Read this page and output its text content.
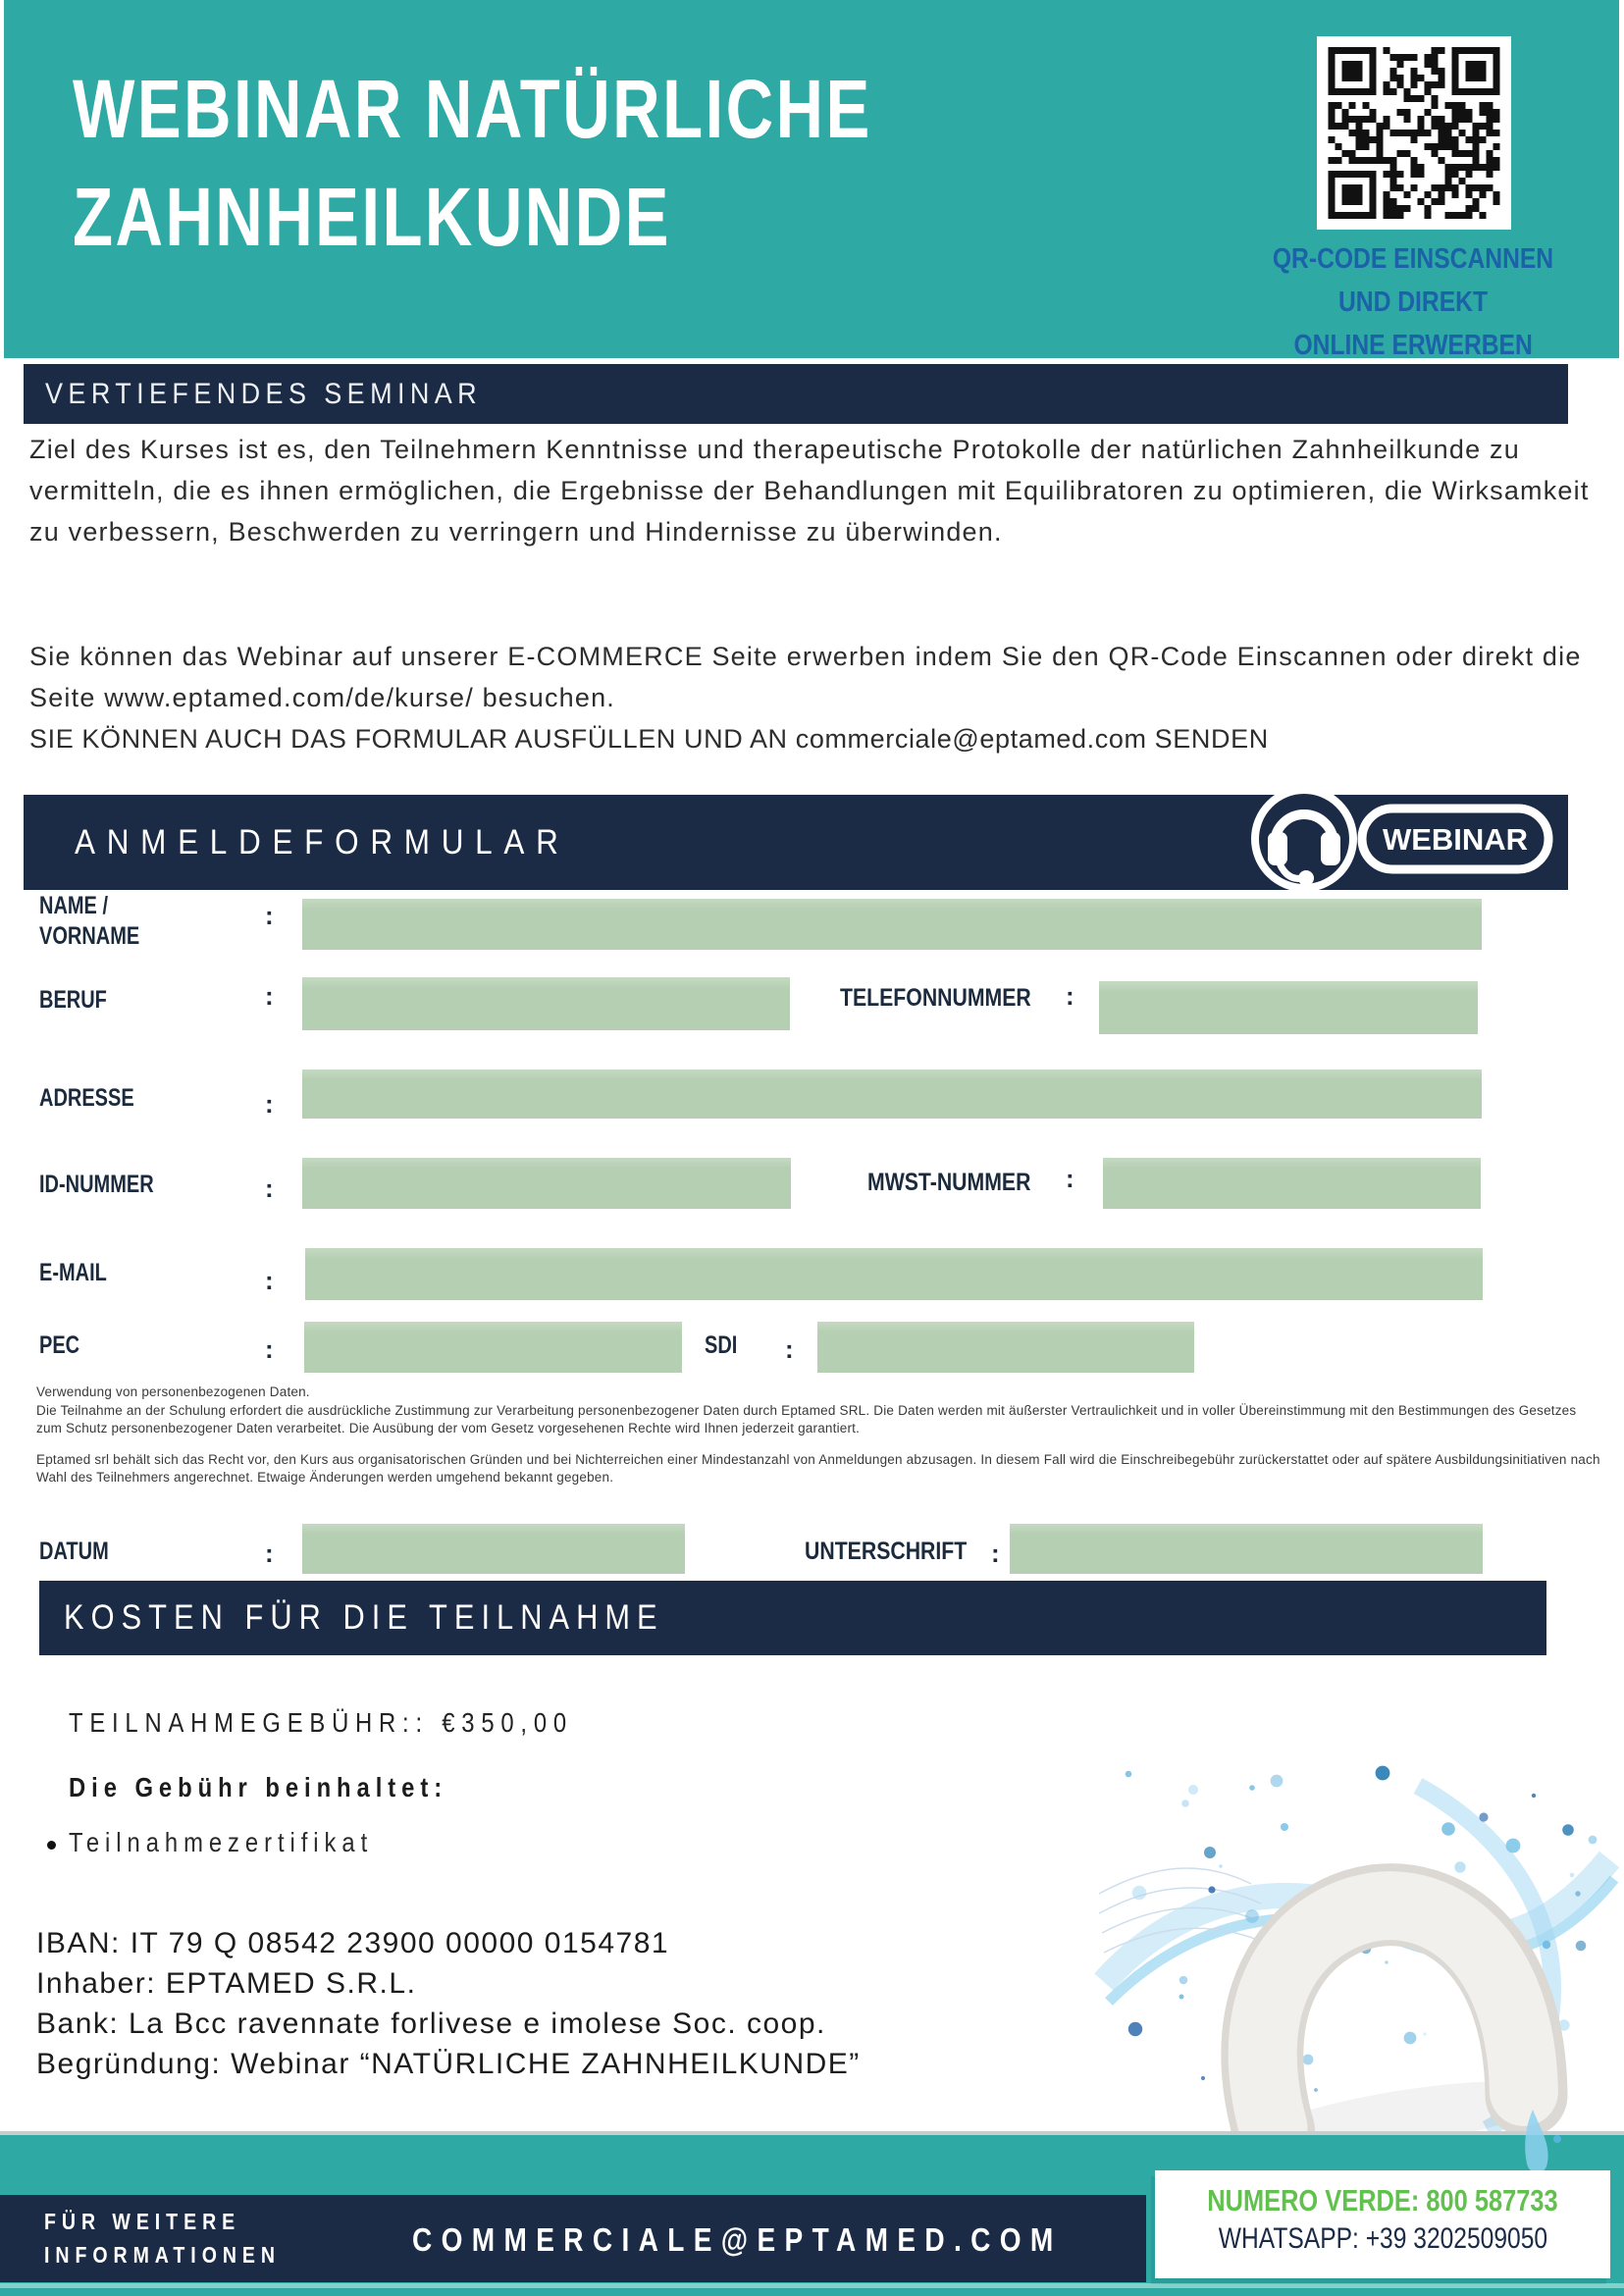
WEBINAR NATÜRLICHE
ZAHNHEILKUNDE	QR-CODE EINSCANNEN UND DIREKT
ONLINE ERWERBEN
VERTIEFENDES SEMINAR
Ziel des Kurses ist es, den Teilnehmern Kenntnisse und therapeutische Protokolle der natürlichen Zahnheilkunde zu vermitteln, die es ihnen ermöglichen, die Ergebnisse der Behandlungen mit Equilibratoren zu optimieren, die Wirksamkeit zu verbessern, Beschwerden zu verringern und Hindernisse zu überwinden.
Sie können das Webinar auf unserer E-COMMERCE Seite erwerben indem Sie den QR-Code Einscannen oder direkt die Seite www.eptamed.com/de/kurse/ besuchen.
SIE KÖNNEN AUCH DAS FORMULAR AUSFÜLLEN UND AN commerciale@eptamed.com SENDEN
ANMELDEFORMULAR	WEBINAR
NAME /
VORNAME
:
BERUF	:	TELEFONNUMMER	:
ADRESSE	:
ID-NUMMER	:	MWST-NUMMER	:
E-MAIL	:
PEC	:	SDI	:
Verwendung von personenbezogenen Daten.
Die Teilnahme an der Schulung erfordert die ausdrückliche Zustimmung zur Verarbeitung personenbezogener Daten durch Eptamed SRL. Die Daten werden mit äußerster Vertraulichkeit und in voller Übereinstimmung mit den Bestimmungen des Gesetzes zum Schutz personenbezogener Daten verarbeitet. Die Ausübung der vom Gesetz vorgesehenen Rechte wird Ihnen jederzeit garantiert.
Eptamed srl behält sich das Recht vor, den Kurs aus organisatorischen Gründen und bei Nichterreichen einer Mindestanzahl von Anmeldungen abzusagen. In diesem Fall wird die Einschreibegebühr zurückerstattet oder auf spätere Ausbildungsinitiativen nach Wahl des Teilnehmers angerechnet. Etwaige Änderungen werden umgehend bekannt gegeben.
DATUM	:	UNTERSCHRIFT :
KOSTEN FÜR DIE TEILNAHME
TEILNAHMEGEBÜHR:: €350,00
Die Gebühr beinhaltet:
Teilnahmezertifikat
IBAN: IT 79 Q 08542 23900 00000 0154781
Inhaber: EPTAMED S.R.L.
Bank: La Bcc ravennate forlivese e imolese Soc. coop.
Begründung: Webinar “NATÜRLICHE ZAHNHEILKUNDE”
FÜR WEITERE
INFORMATIONEN	COMMERCIALE@EPTAMED.COM
NUMERO VERDE: 800 587733
WHATSAPP: +39 3202509050
